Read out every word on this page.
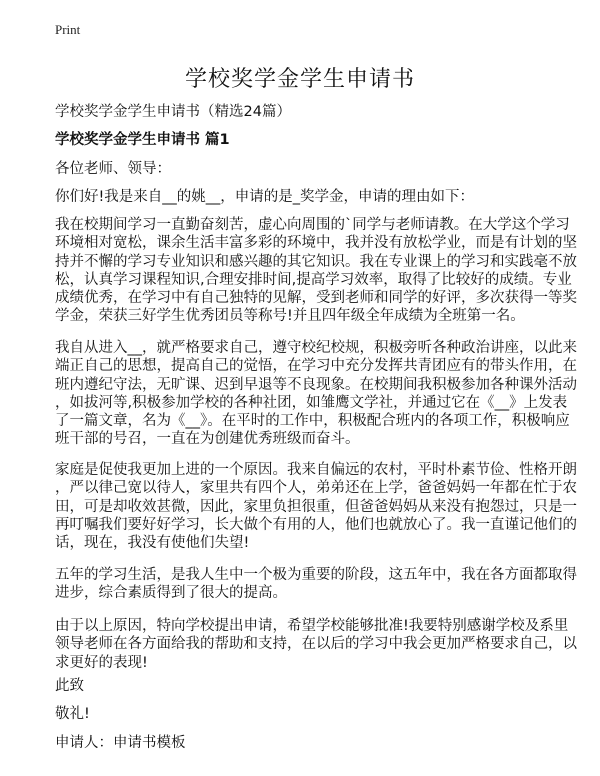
Print
学校奖学金学生申请书
学校奖学金学生申请书（精选24篇）
学校奖学金学生申请书 篇1
各位老师、领导：
你们好!我是来自__的姚__，申请的是_奖学金，申请的理由如下：
我在校期间学习一直勤奋刻苦，虚心向周围的`同学与老师请教。在大学这个学习
环境相对宽松，课余生活丰富多彩的环境中，我并没有放松学业，而是有计划的坚
持并不懈的学习专业知识和感兴趣的其它知识。我在专业课上的学习和实践毫不放
松，认真学习课程知识,合理安排时间,提高学习效率，取得了比较好的成绩。专业
成绩优秀，在学习中有自己独特的见解，受到老师和同学的好评，多次获得一等奖
学金，荣获三好学生优秀团员等称号!并且四年级全年成绩为全班第一名。
我自从进入__，就严格要求自己，遵守校纪校规，积极旁听各种政治讲座，以此来
端正自己的思想，提高自己的觉悟，在学习中充分发挥共青团应有的带头作用，在
班内遵纪守法，无旷课、迟到早退等不良现象。在校期间我积极参加各种课外活动
，如拔河等,积极参加学校的各种社团，如雏鹰文学社，并通过它在《__》上发表
了一篇文章，名为《__》。在平时的工作中，积极配合班内的各项工作，积极响应
班干部的号召，一直在为创建优秀班级而奋斗。
家庭是促使我更加上进的一个原因。我来自偏远的农村，平时朴素节俭、性格开朗
，严以律己宽以待人，家里共有四个人，弟弟还在上学，爸爸妈妈一年都在忙于农
田，可是却收效甚微，因此，家里负担很重，但爸爸妈妈从来没有抱怨过，只是一
再叮嘱我们要好好学习，长大做个有用的人，他们也就放心了。我一直谨记他们的
话，现在，我没有使他们失望!
五年的学习生活，是我人生中一个极为重要的阶段，这五年中，我在各方面都取得
进步，综合素质得到了很大的提高。
由于以上原因，特向学校提出申请，希望学校能够批准!我要特别感谢学校及系里
领导老师在各方面给我的帮助和支持，在以后的学习中我会更加严格要求自己，以
求更好的表现!
此致
敬礼!
申请人：申请书模板
